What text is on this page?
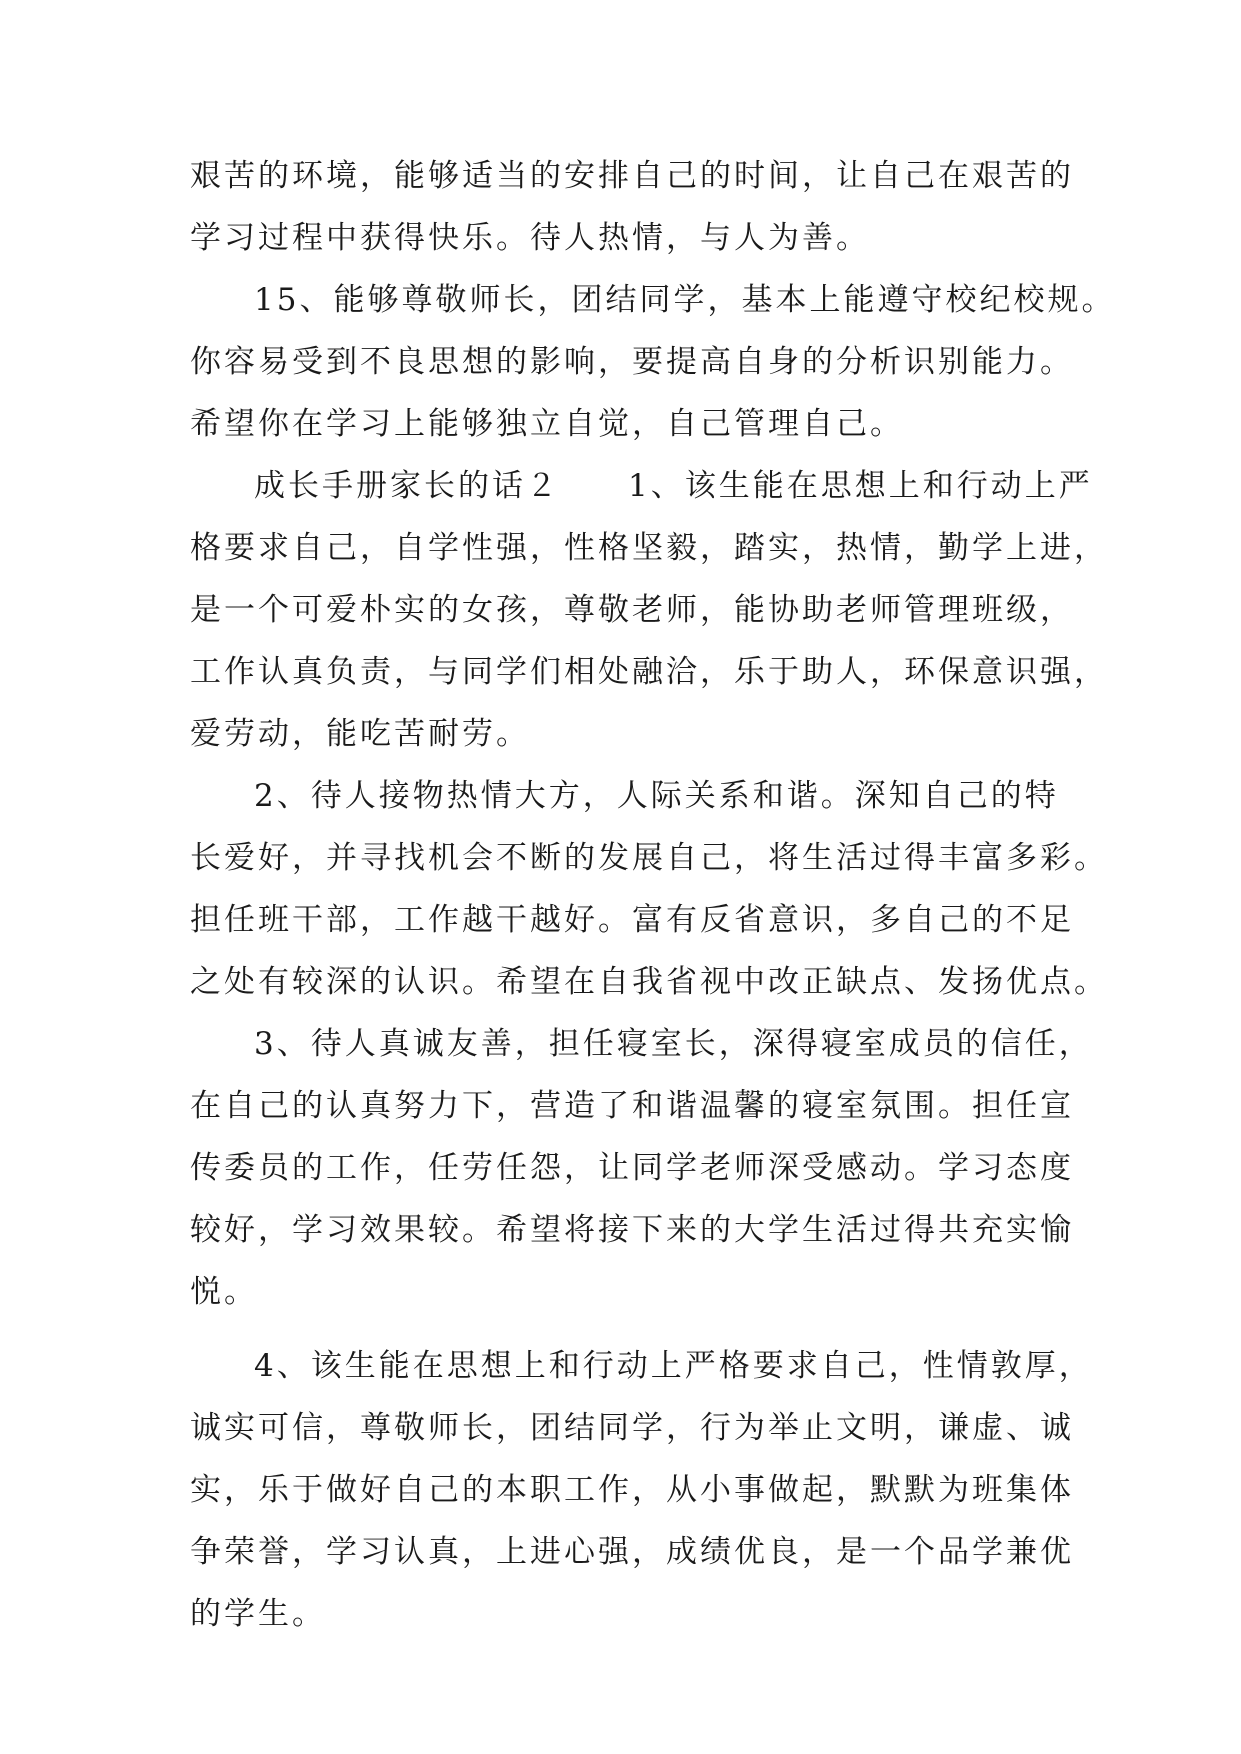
艰苦的环境，能够适当的安排自己的时间，让自己在艰苦的
学习过程中获得快乐。待人热情，与人为善。
15、能够尊敬师长，团结同学，基本上能遵守校纪校规。
你容易受到不良思想的影响，要提高自身的分析识别能力。
希望你在学习上能够独立自觉，自己管理自己。
成长手册家长的话２　　1、该生能在思想上和行动上严
格要求自己，自学性强，性格坚毅，踏实，热情，勤学上进，
是一个可爱朴实的女孩，尊敬老师，能协助老师管理班级，
工作认真负责，与同学们相处融洽，乐于助人，环保意识强，
爱劳动，能吃苦耐劳。
2、待人接物热情大方，人际关系和谐。深知自己的特
长爱好，并寻找机会不断的发展自己，将生活过得丰富多彩。
担任班干部，工作越干越好。富有反省意识，多自己的不足
之处有较深的认识。希望在自我省视中改正缺点、发扬优点。
3、待人真诚友善，担任寝室长，深得寝室成员的信任，
在自己的认真努力下，营造了和谐温馨的寝室氛围。担任宣
传委员的工作，任劳任怨，让同学老师深受感动。学习态度
较好，学习效果较。希望将接下来的大学生活过得共充实愉
悦。
4、该生能在思想上和行动上严格要求自己，性情敦厚，
诚实可信，尊敬师长，团结同学，行为举止文明，谦虚、诚
实，乐于做好自己的本职工作，从小事做起，默默为班集体
争荣誉，学习认真，上进心强，成绩优良，是一个品学兼优
的学生。
